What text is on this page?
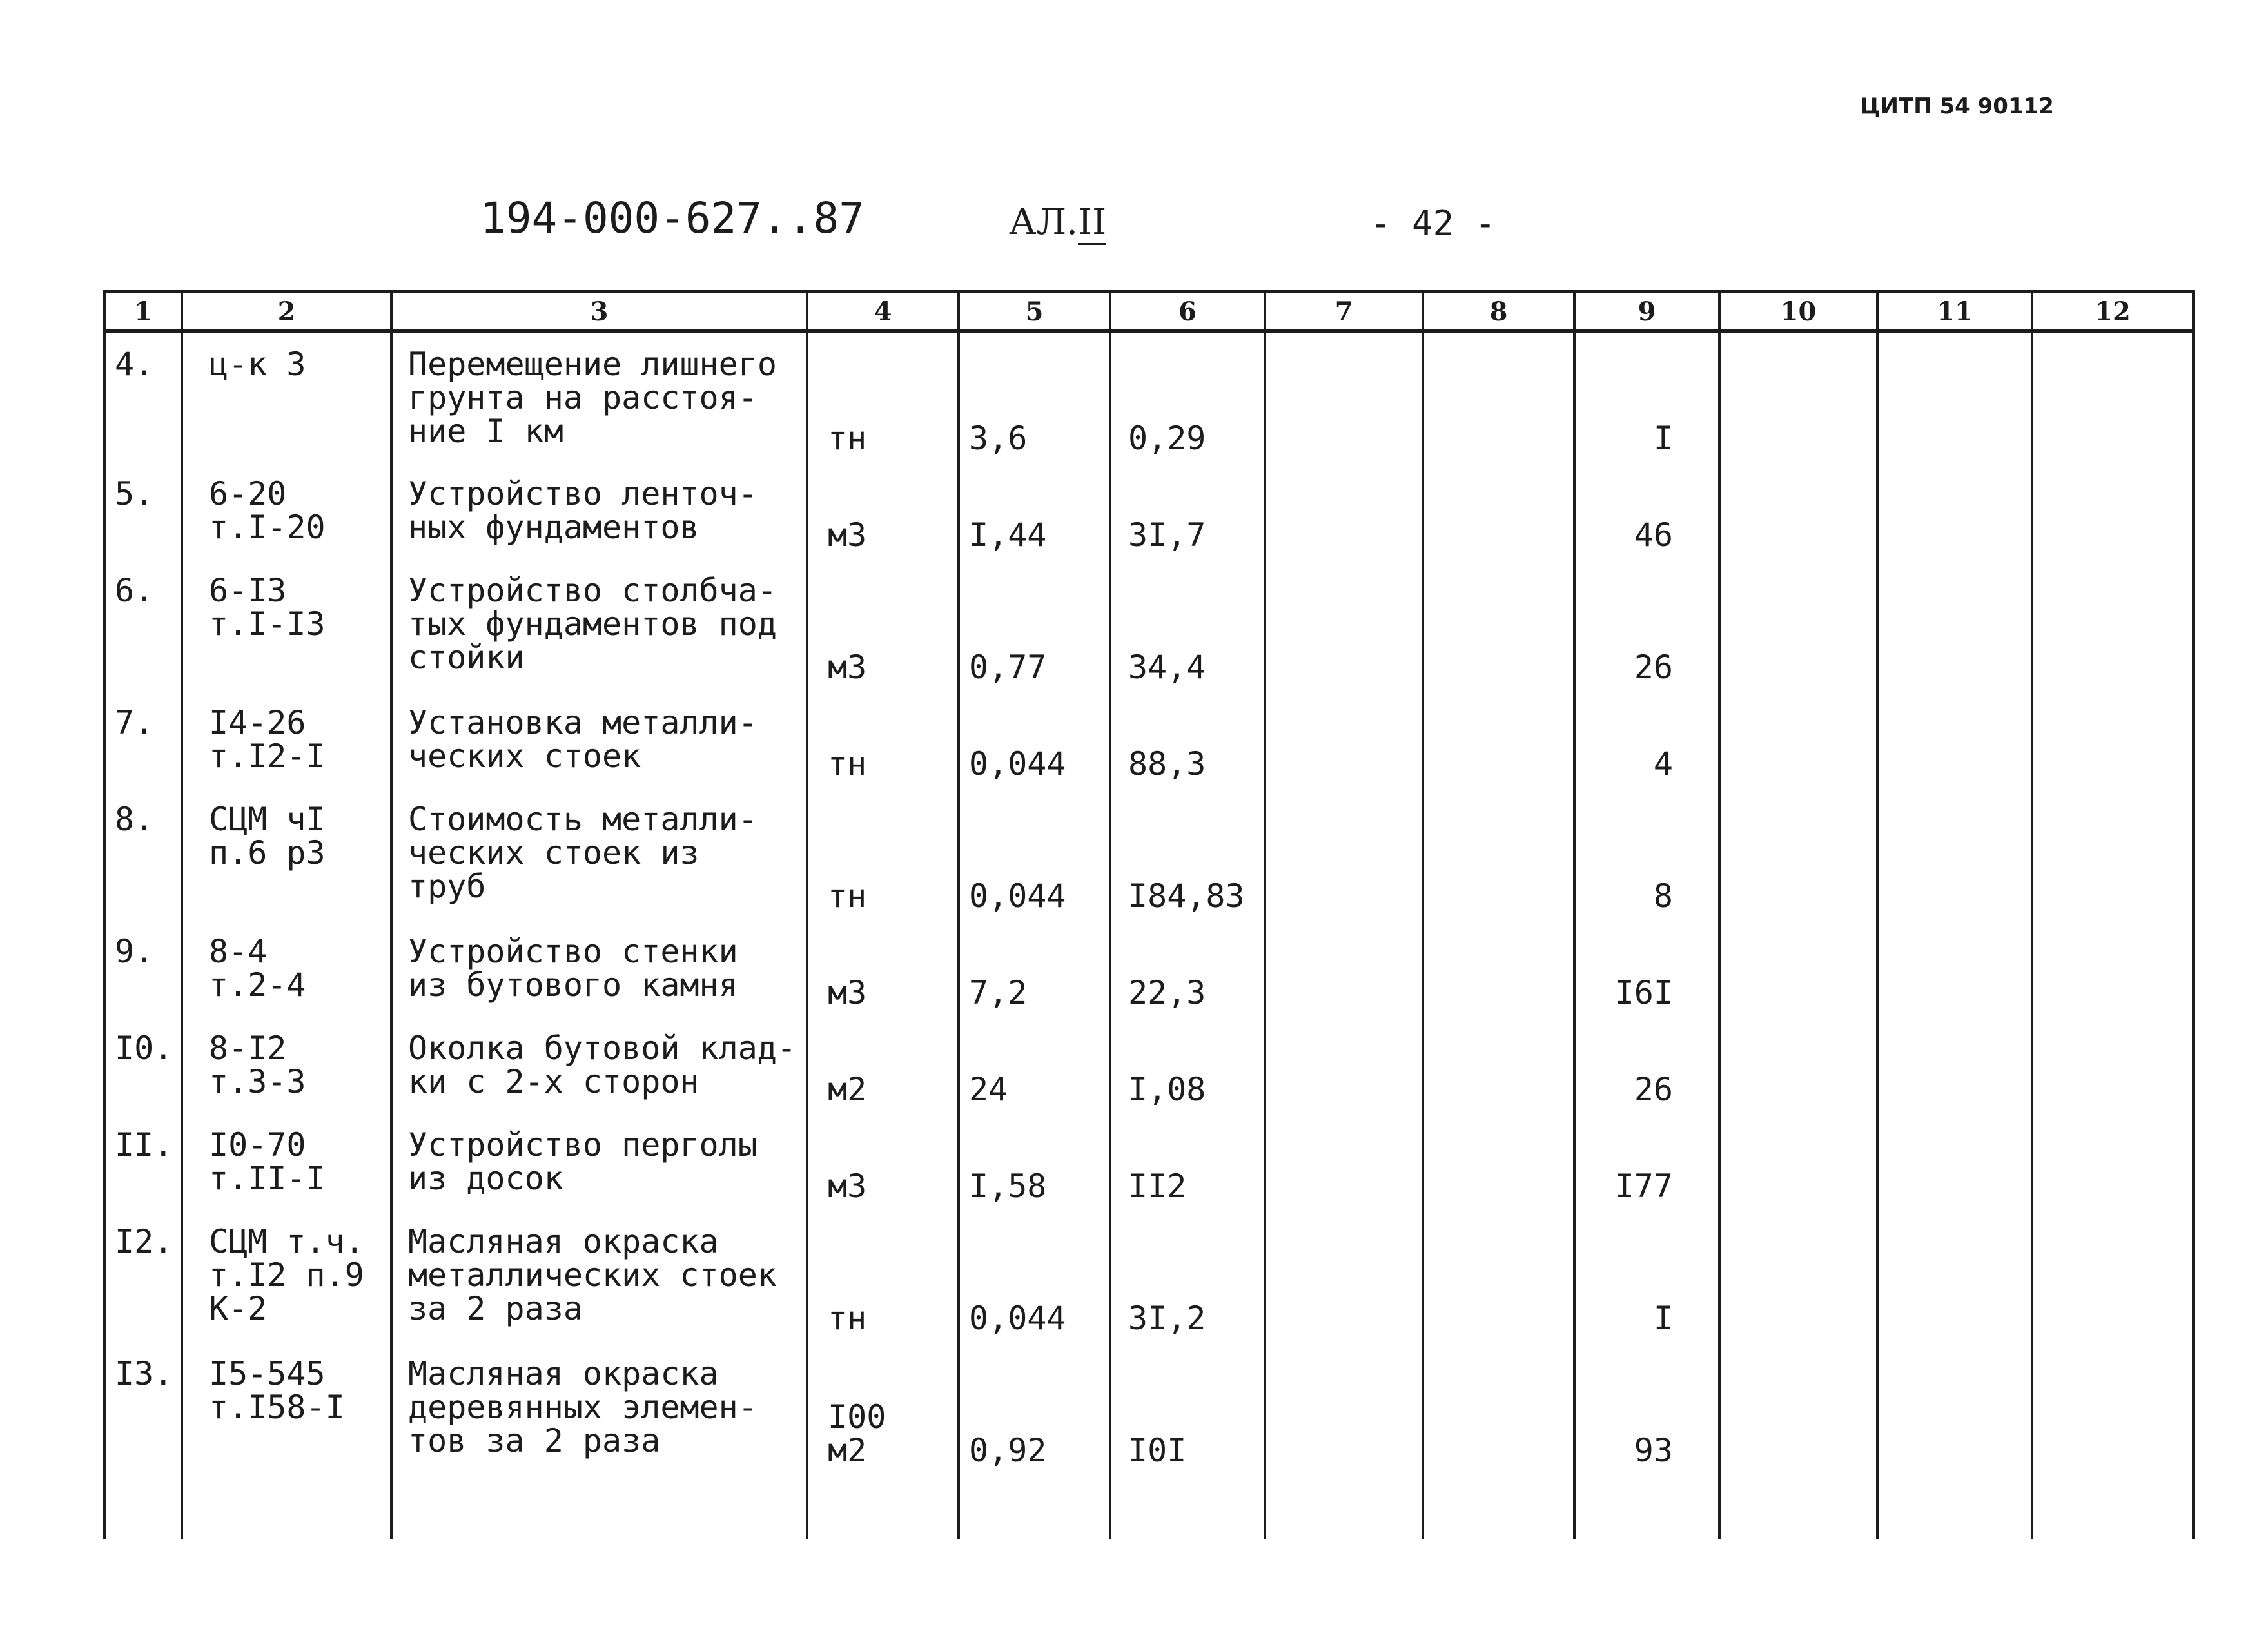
ЦИТП 54 90112
194-000-627..87	АЛ.II	- 42 -
1	2	3	4	5	6	7	8	9	10	11	12
4.	ц-к 3	Перемещение лишнего
грунта на расстоя-
ние I км	тн	3,6	0,29			I			
5.	6-20
т.I-20	Устройство ленточ-
ных фундаментов	м3	I,44	3I,7			46			
6.	6-I3
т.I-I3	Устройство столбча-
тых фундаментов под
стойки	м3	0,77	34,4			26			
7.	I4-26
т.I2-I	Установка металли-
ческих стоек	тн	0,044	88,3			4			
8.	СЦМ чI
п.6 р3	Стоимость металли-
ческих стоек из
труб	тн	0,044	I84,83			8			
9.	8-4
т.2-4	Устройство стенки
из бутового камня	м3	7,2	22,3			I6I			
I0.	8-I2
т.3-3	Околка бутовой клад-
ки с 2-х сторон	м2	24	I,08			26			
II.	I0-70
т.II-I	Устройство перголы
из досок	м3	I,58	II2			I77			
I2.	СЦМ т.ч.
т.I2 п.9
К-2	Масляная окраска
металлических стоек
за 2 раза	тн	0,044	3I,2			I			
I3.	I5-545
т.I58-I	Масляная окраска
деревянных элемен-
тов за 2 раза	I00
м2	0,92	I0I			93			
